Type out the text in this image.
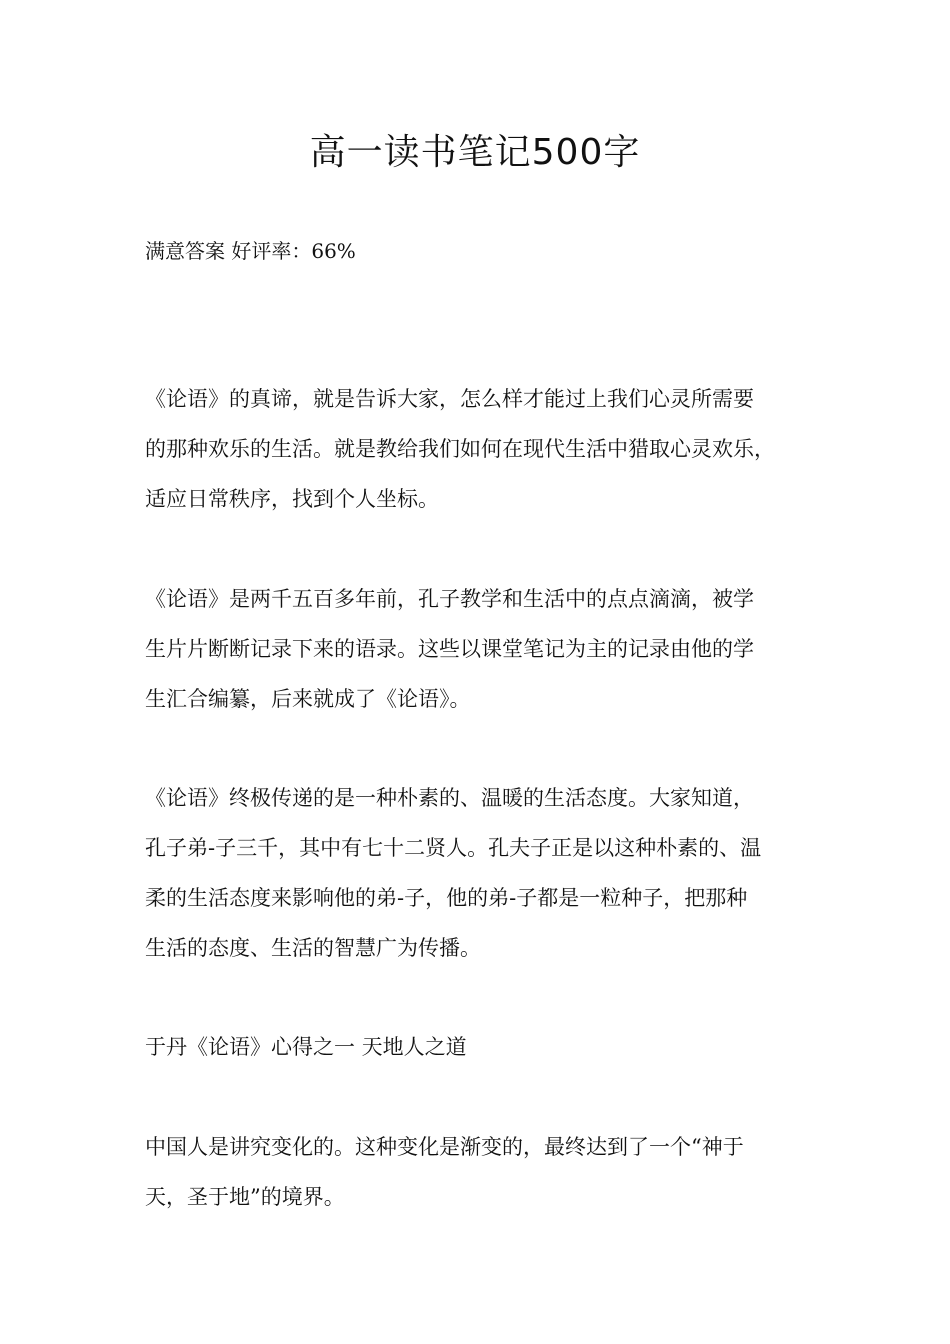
高一读书笔记500字
满意答案 好评率：66%
《论语》的真谛，就是告诉大家，怎么样才能过上我们心灵所需要
的那种欢乐的生活。就是教给我们如何在现代生活中猎取心灵欢乐，
适应日常秩序，找到个人坐标。
《论语》是两千五百多年前，孔子教学和生活中的点点滴滴，被学
生片片断断记录下来的语录。这些以课堂笔记为主的记录由他的学
生汇合编纂，后来就成了《论语》。
《论语》终极传递的是一种朴素的、温暖的生活态度。大家知道，
孔子弟-子三千，其中有七十二贤人。孔夫子正是以这种朴素的、温
柔的生活态度来影响他的弟-子，他的弟-子都是一粒种子，把那种
生活的态度、生活的智慧广为传播。
于丹《论语》心得之一 天地人之道
中国人是讲究变化的。这种变化是渐变的，最终达到了一个“神于
天，圣于地”的境界。
